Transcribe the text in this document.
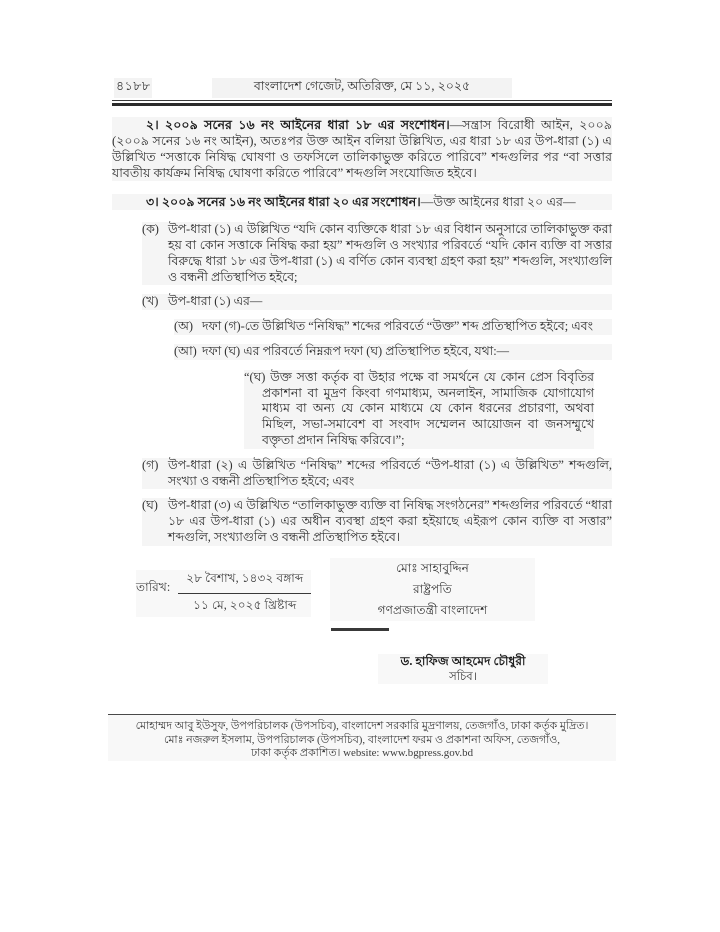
৪১৮৮	বাংলাদেশ গেজেট, অতিরিক্ত, মে ১১, ২০২৫

২। ২০০৯ সনের ১৬ নং আইনের ধারা ১৮ এর সংশোধন।—সন্ত্রাস বিরোধী আইন, ২০০৯ (২০০৯ সনের ১৬ নং আইন), অতঃপর উক্ত আইন বলিয়া উল্লিখিত, এর ধারা ১৮ এর উপ-ধারা (১) এ উল্লিখিত “সত্তাকে নিষিদ্ধ ঘোষণা ও তফসিলে তালিকাভুক্ত করিতে পারিবে” শব্দগুলির পর “বা সত্তার যাবতীয় কার্যক্রম নিষিদ্ধ ঘোষণা করিতে পারিবে” শব্দগুলি সংযোজিত হইবে।

৩। ২০০৯ সনের ১৬ নং আইনের ধারা ২০ এর সংশোধন।—উক্ত আইনের ধারা ২০ এর—

(ক) উপ-ধারা (১) এ উল্লিখিত “যদি কোন ব্যক্তিকে ধারা ১৮ এর বিধান অনুসারে তালিকাভুক্ত করা হয় বা কোন সত্তাকে নিষিদ্ধ করা হয়” শব্দগুলি ও সংখ্যার পরিবর্তে “যদি কোন ব্যক্তি বা সত্তার বিরুদ্ধে ধারা ১৮ এর উপ-ধারা (১) এ বর্ণিত কোন ব্যবস্থা গ্রহণ করা হয়” শব্দগুলি, সংখ্যাগুলি ও বন্ধনী প্রতিস্থাপিত হইবে;
(খ) উপ-ধারা (১) এর—
(অ) দফা (গ)-তে উল্লিখিত “নিষিদ্ধ” শব্দের পরিবর্তে “উক্ত” শব্দ প্রতিস্থাপিত হইবে; এবং
(আ) দফা (ঘ) এর পরিবর্তে নিম্নরূপ দফা (ঘ) প্রতিস্থাপিত হইবে, যথা:—
“(ঘ) উক্ত সত্তা কর্তৃক বা উহার পক্ষে বা সমর্থনে যে কোন প্রেস বিবৃতির প্রকাশনা বা মুদ্রণ কিংবা গণমাধ্যম, অনলাইন, সামাজিক যোগাযোগ মাধ্যম বা অন্য যে কোন মাধ্যমে যে কোন ধরনের প্রচারণা, অথবা মিছিল, সভা-সমাবেশ বা সংবাদ সম্মেলন আয়োজন বা জনসম্মুখে বক্তৃতা প্রদান নিষিদ্ধ করিবে।”;
(গ) উপ-ধারা (২) এ উল্লিখিত “নিষিদ্ধ” শব্দের পরিবর্তে “উপ-ধারা (১) এ উল্লিখিত” শব্দগুলি, সংখ্যা ও বন্ধনী প্রতিস্থাপিত হইবে; এবং
(ঘ) উপ-ধারা (৩) এ উল্লিখিত “তালিকাভুক্ত ব্যক্তি বা নিষিদ্ধ সংগঠনের” শব্দগুলির পরিবর্তে “ধারা ১৮ এর উপ-ধারা (১) এর অধীন ব্যবস্থা গ্রহণ করা হইয়াছে এইরূপ কোন ব্যক্তি বা সত্তার” শব্দগুলি, সংখ্যাগুলি ও বন্ধনী প্রতিস্থাপিত হইবে।
তারিখ:
২৮ বৈশাখ, ১৪৩২ বঙ্গাব্দ
১১ মে, ২০২৫ খ্রিষ্টাব্দ
মোঃ সাহাবুদ্দিন
রাষ্ট্রপতি
গণপ্রজাতন্ত্রী বাংলাদেশ
ড. হাফিজ আহমেদ চৌধুরী
সচিব।
মোহাম্মদ আবু ইউসুফ, উপপরিচালক (উপসচিব), বাংলাদেশ সরকারি মুদ্রণালয়, তেজগাঁও, ঢাকা কর্তৃক মুদ্রিত।
মোঃ নজরুল ইসলাম, উপপরিচালক (উপসচিব), বাংলাদেশ ফরম ও প্রকাশনা অফিস, তেজগাঁও,
ঢাকা কর্তৃক প্রকাশিত। website: www.bgpress.gov.bd
